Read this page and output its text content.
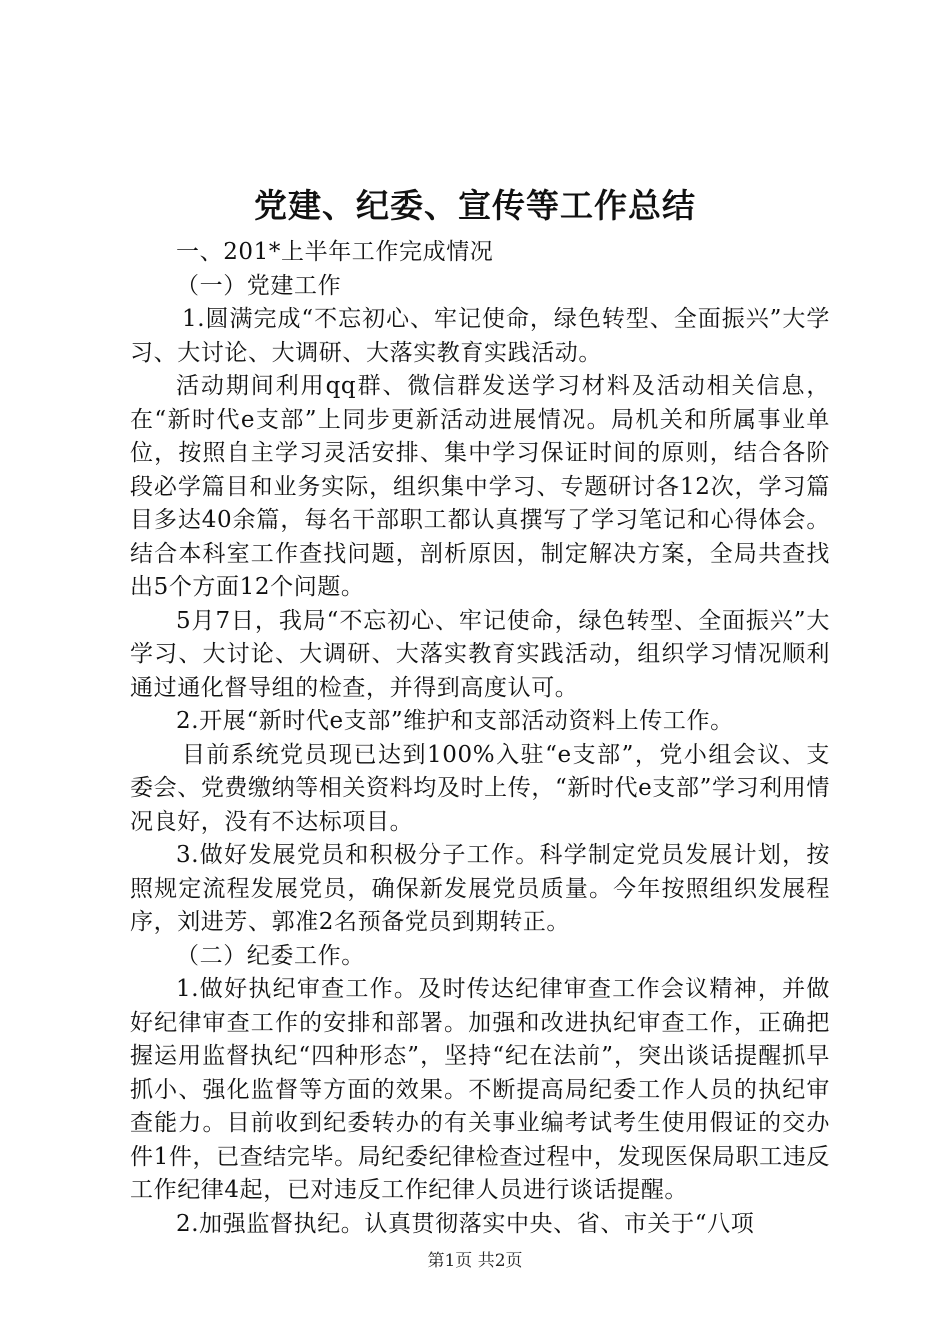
党建、纪委、宣传等工作总结

一、201*上半年工作完成情况

（一）党建工作

1.圆满完成“不忘初心、牢记使命，绿色转型、全面振兴”大学习、大讨论、大调研、大落实教育实践活动。

活动期间利用qq群、微信群发送学习材料及活动相关信息，在“新时代e支部”上同步更新活动进展情况。局机关和所属事业单位，按照自主学习灵活安排、集中学习保证时间的原则，结合各阶段必学篇目和业务实际，组织集中学习、专题研讨各12次，学习篇目多达40余篇，每名干部职工都认真撰写了学习笔记和心得体会。结合本科室工作查找问题，剖析原因，制定解决方案，全局共查找出5个方面12个问题。

5月7日，我局“不忘初心、牢记使命，绿色转型、全面振兴”大学习、大讨论、大调研、大落实教育实践活动，组织学习情况顺利通过通化督导组的检查，并得到高度认可。

2.开展“新时代e支部”维护和支部活动资料上传工作。

目前系统党员现已达到100%入驻“e支部”，党小组会议、支委会、党费缴纳等相关资料均及时上传，“新时代e支部”学习利用情况良好，没有不达标项目。

3.做好发展党员和积极分子工作。科学制定党员发展计划，按照规定流程发展党员，确保新发展党员质量。今年按照组织发展程序，刘进芳、郭准2名预备党员到期转正。

（二）纪委工作。

1.做好执纪审查工作。及时传达纪律审查工作会议精神，并做好纪律审查工作的安排和部署。加强和改进执纪审查工作，正确把握运用监督执纪“四种形态”，坚持“纪在法前”，突出谈话提醒抓早抓小、强化监督等方面的效果。不断提高局纪委工作人员的执纪审查能力。目前收到纪委转办的有关事业编考试考生使用假证的交办件1件，已查结完毕。局纪委纪律检查过程中，发现医保局职工违反工作纪律4起，已对违反工作纪律人员进行谈话提醒。

2.加强监督执纪。认真贯彻落实中央、省、市关于“八项

第1页 共2页
